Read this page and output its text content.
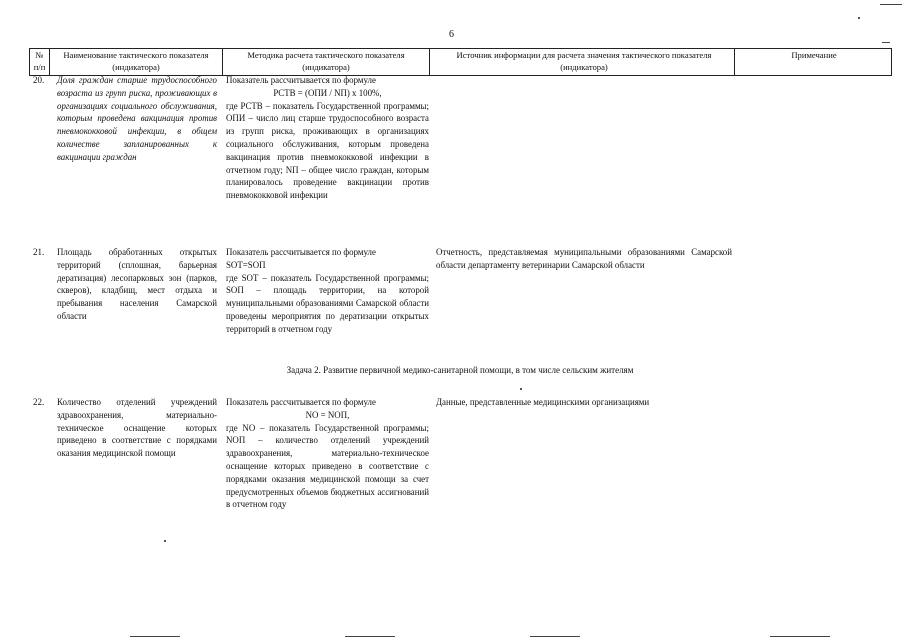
6
№ п/п
Наименование тактического показателя (индикатора)
Методика расчета тактического показателя (индикатора)
Источник информации для расчета значения тактического показателя (индикатора)
Примечание
20. Доля граждан старше трудоспособного возраста из групп риска, проживающих в организациях социального обслуживания, которым проведена вакцинация против пневмококковой инфекции, в общем количестве запланированных к вакцинации граждан
Показатель рассчитывается по формуле
PСТВ = (OПИ / NП) х 100%,
где PСТВ – показатель Государственной программы; OПИ – число лиц старше трудоспособного возраста из групп риска, проживающих в организациях социального обслуживания, которым проведена вакцинация против пневмококковой инфекции в отчетном году; NП – общее число граждан, которым планировалось проведение вакцинации против пневмококковой инфекции
21. Площадь обработанных открытых территорий (сплошная, барьерная дератизация) лесопарковых зон (парков, скверов), кладбищ, мест отдыха и пребывания населения Самарской области
Показатель рассчитывается по формуле
SОТ=SОП
где SОТ – показатель Государственной программы; SОП – площадь территории, на которой муниципальными образованиями Самарской области проведены мероприятия по дератизации открытых территорий в отчетном году
Отчетность, представляемая муниципальными образованиями Самарской области департаменту ветеринарии Самарской области
Задача 2. Развитие первичной медико-санитарной помощи, в том числе сельским жителям
22. Количество отделений учреждений здравоохранения, материально-техническое оснащение которых приведено в соответствие с порядками оказания медицинской помощи
Показатель рассчитывается по формуле
NО = NОП,
где NО – показатель Государственной программы; NОП – количество отделений учреждений здравоохранения, материально-техническое оснащение которых приведено в соответствие с порядками оказания медицинской помощи за счет предусмотренных объемов бюджетных ассигнований в отчетном году
Данные, представленные медицинскими организациями
